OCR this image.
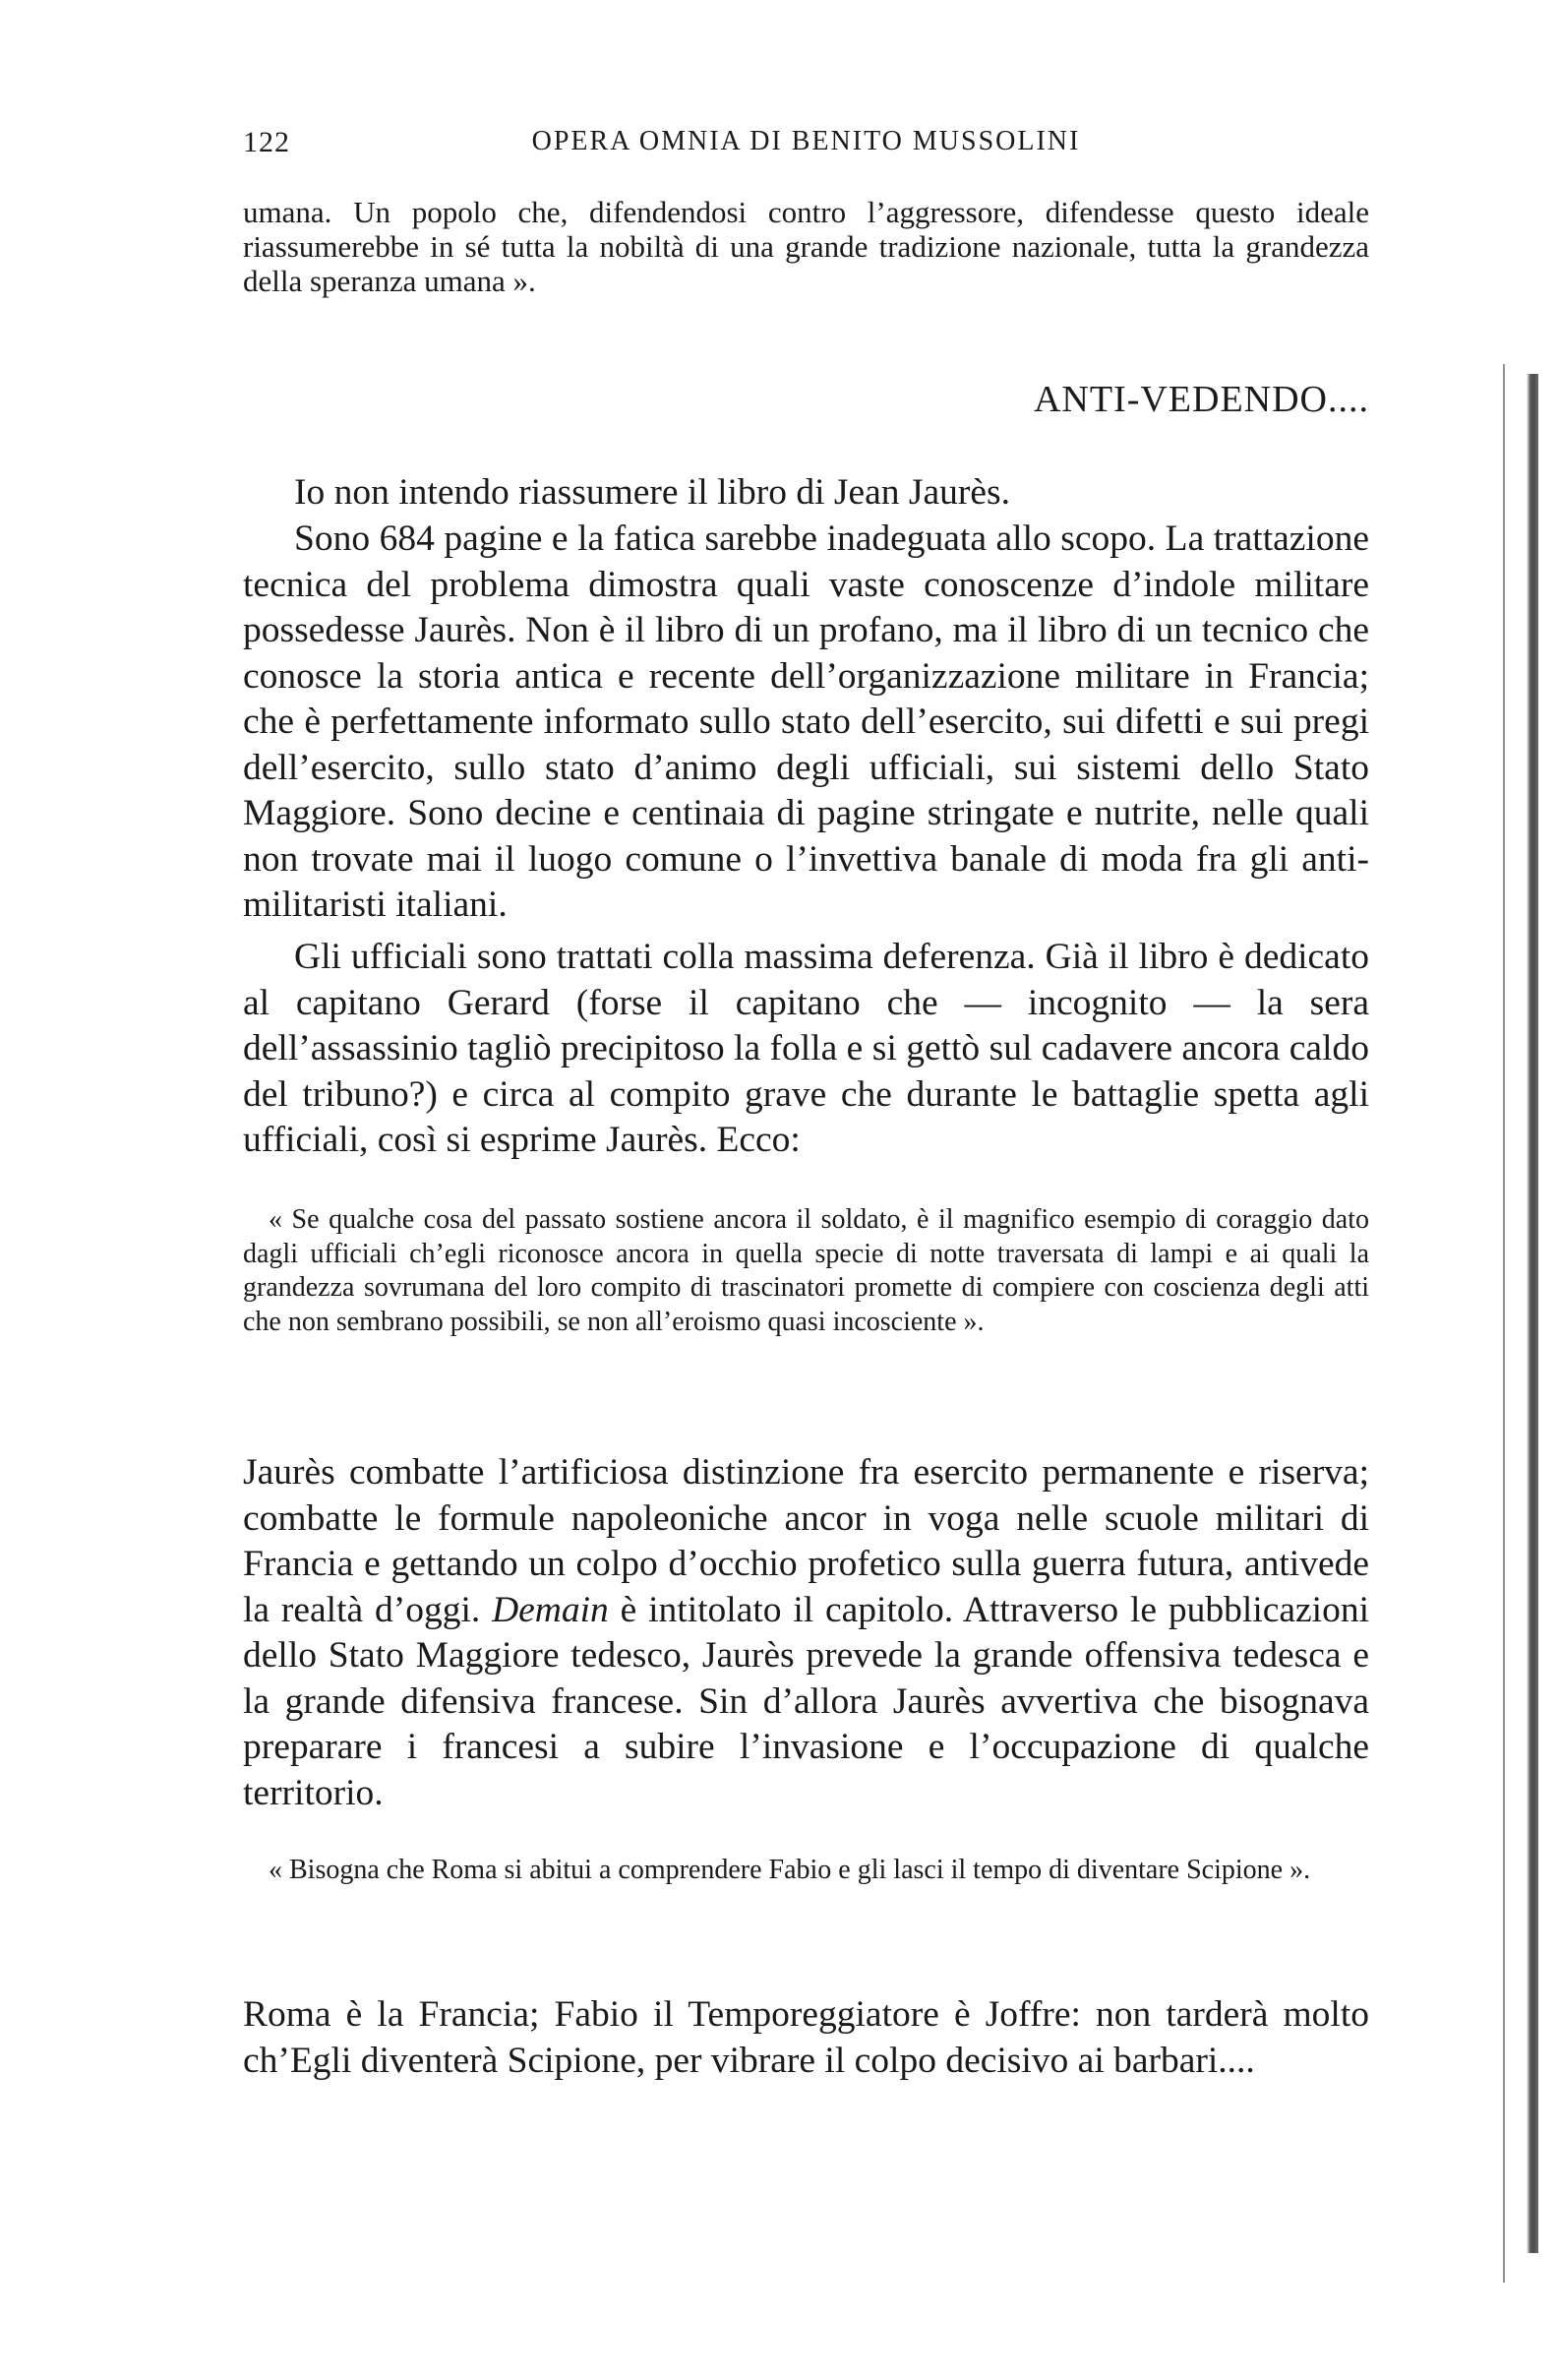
122	OPERA OMNIA DI BENITO MUSSOLINI

umana. Un popolo che, difendendosi contro l’aggressore, difendesse questo ideale riassumerebbe in sé tutta la nobiltà di una grande tradizione nazionale, tutta la grandezza della speranza umana ».

ANTI-VEDENDO....

Io non intendo riassumere il libro di Jean Jaurès.

Sono 684 pagine e la fatica sarebbe inadeguata allo scopo. La trattazione tecnica del problema dimostra quali vaste conoscenze d’indole militare possedesse Jaurès. Non è il libro di un profano, ma il libro di un tecnico che conosce la storia antica e recente dell’organizzazione militare in Francia; che è perfettamente informato sullo stato dell’esercito, sui difetti e sui pregi dell’esercito, sullo stato d’animo degli ufficiali, sui sistemi dello Stato Maggiore. Sono decine e centinaia di pagine stringate e nutrite, nelle quali non trovate mai il luogo comune o l’invettiva banale di moda fra gli anti-militaristi italiani.

Gli ufficiali sono trattati colla massima deferenza. Già il libro è dedicato al capitano Gerard (forse il capitano che — incognito — la sera dell’assassinio tagliò precipitoso la folla e si gettò sul cadavere ancora caldo del tribuno?) e circa al compito grave che durante le battaglie spetta agli ufficiali, così si esprime Jaurès. Ecco:

« Se qualche cosa del passato sostiene ancora il soldato, è il magnifico esempio di coraggio dato dagli ufficiali ch’egli riconosce ancora in quella specie di notte traversata di lampi e ai quali la grandezza sovrumana del loro compito di trascinatori promette di compiere con coscienza degli atti che non sembrano possibili, se non all’eroismo quasi incosciente ».

Jaurès combatte l’artificiosa distinzione fra esercito permanente e riserva; combatte le formule napoleoniche ancor in voga nelle scuole militari di Francia e gettando un colpo d’occhio profetico sulla guerra futura, antivede la realtà d’oggi. Demain è intitolato il capitolo. Attraverso le pubblicazioni dello Stato Maggiore tedesco, Jaurès prevede la grande offensiva tedesca e la grande difensiva francese. Sin d’allora Jaurès avvertiva che bisognava preparare i francesi a subire l’invasione e l’occupazione di qualche territorio.

« Bisogna che Roma si abitui a comprendere Fabio e gli lasci il tempo di diventare Scipione ».

Roma è la Francia; Fabio il Temporeggiatore è Joffre: non tarderà molto ch’Egli diventerà Scipione, per vibrare il colpo decisivo ai barbari....
